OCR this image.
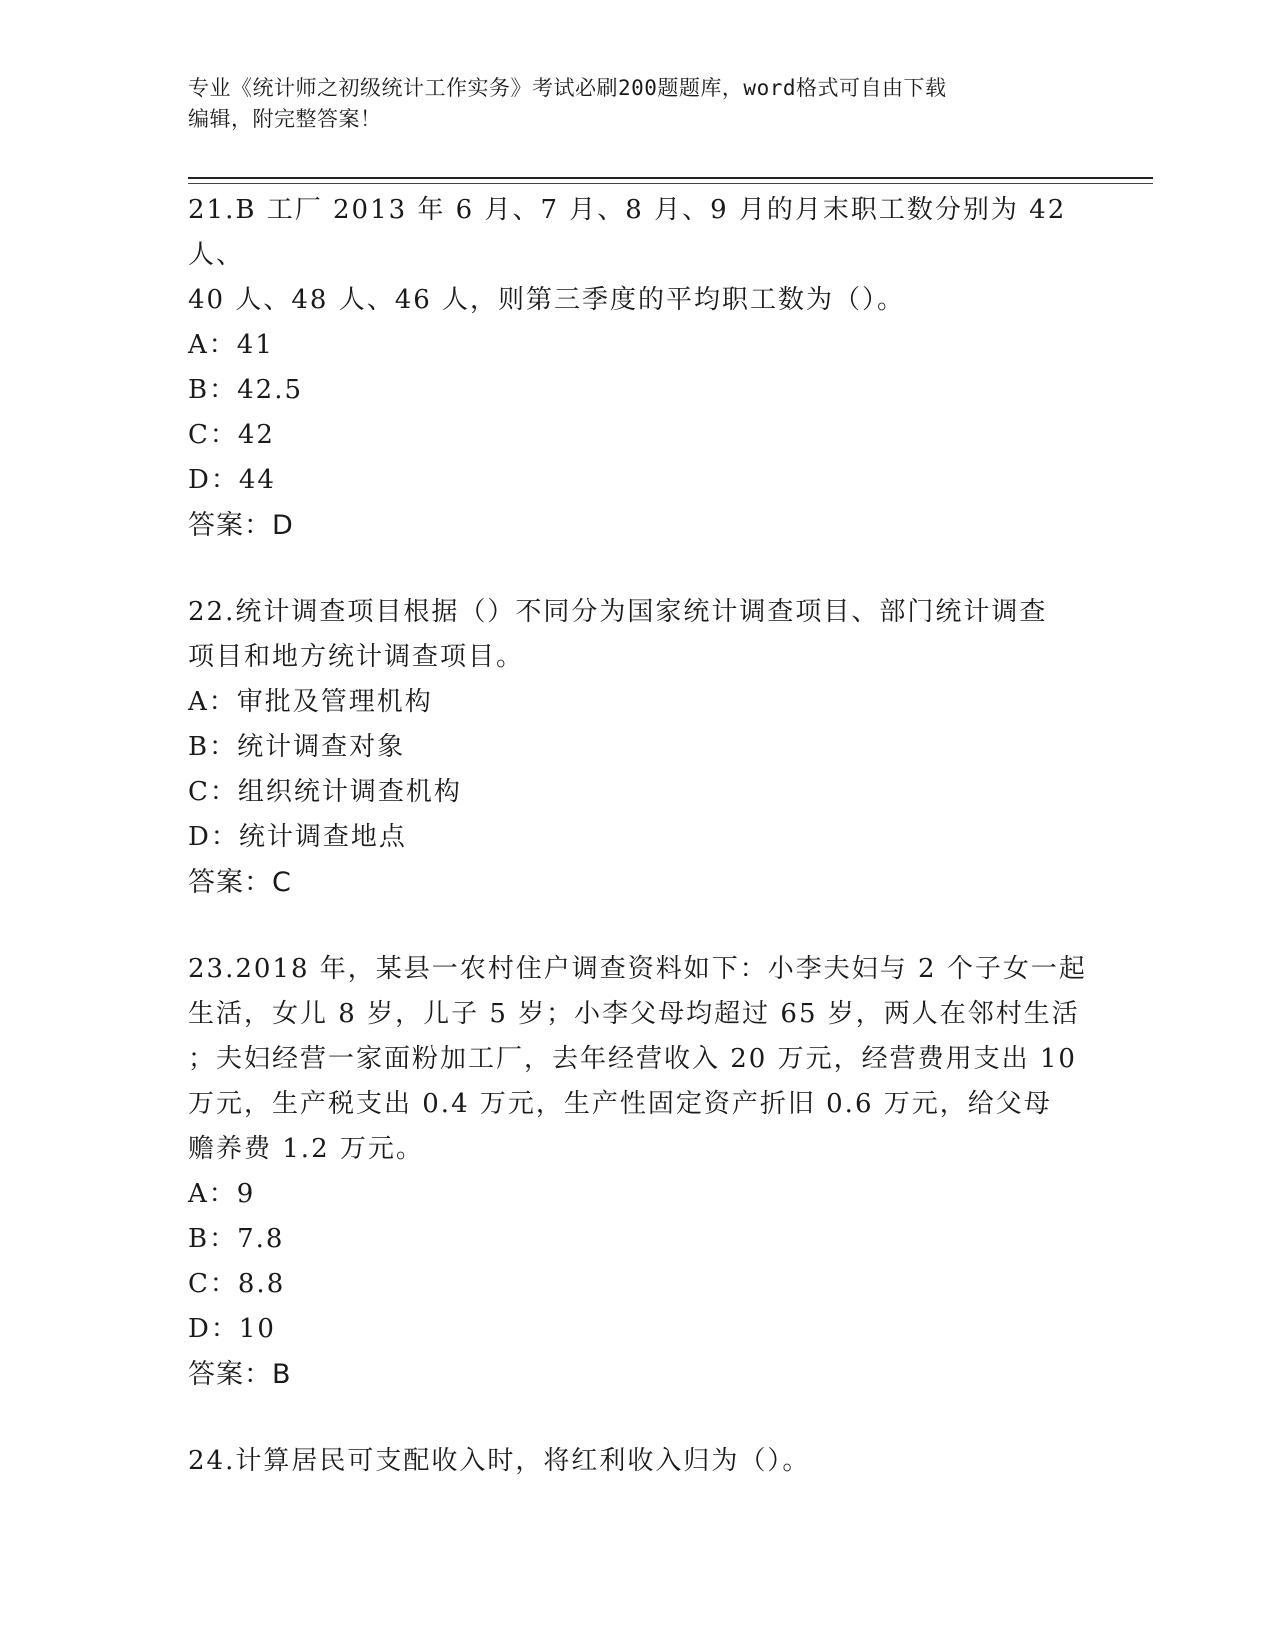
专业《统计师之初级统计工作实务》考试必刷200题题库，word格式可自由下载
编辑，附完整答案！
21.B 工厂 2013 年 6 月、7 月、8 月、9 月的月末职工数分别为 42 人、
40 人、48 人、46 人，则第三季度的平均职工数为（）。
A：41
B：42.5
C：42
D：44
答案：D
22.统计调查项目根据（）不同分为国家统计调查项目、部门统计调查
项目和地方统计调查项目。
A：审批及管理机构
B：统计调查对象
C：组织统计调查机构
D：统计调查地点
答案：C
23.2018 年，某县一农村住户调查资料如下：小李夫妇与 2 个子女一起
生活，女儿 8 岁，儿子 5 岁；小李父母均超过 65 岁，两人在邻村生活
；夫妇经营一家面粉加工厂，去年经营收入 20 万元，经营费用支出 10
万元，生产税支出 0.4 万元，生产性固定资产折旧 0.6 万元，给父母
赡养费 1.2 万元。
A：9
B：7.8
C：8.8
D：10
答案：B
24.计算居民可支配收入时，将红利收入归为（）。
